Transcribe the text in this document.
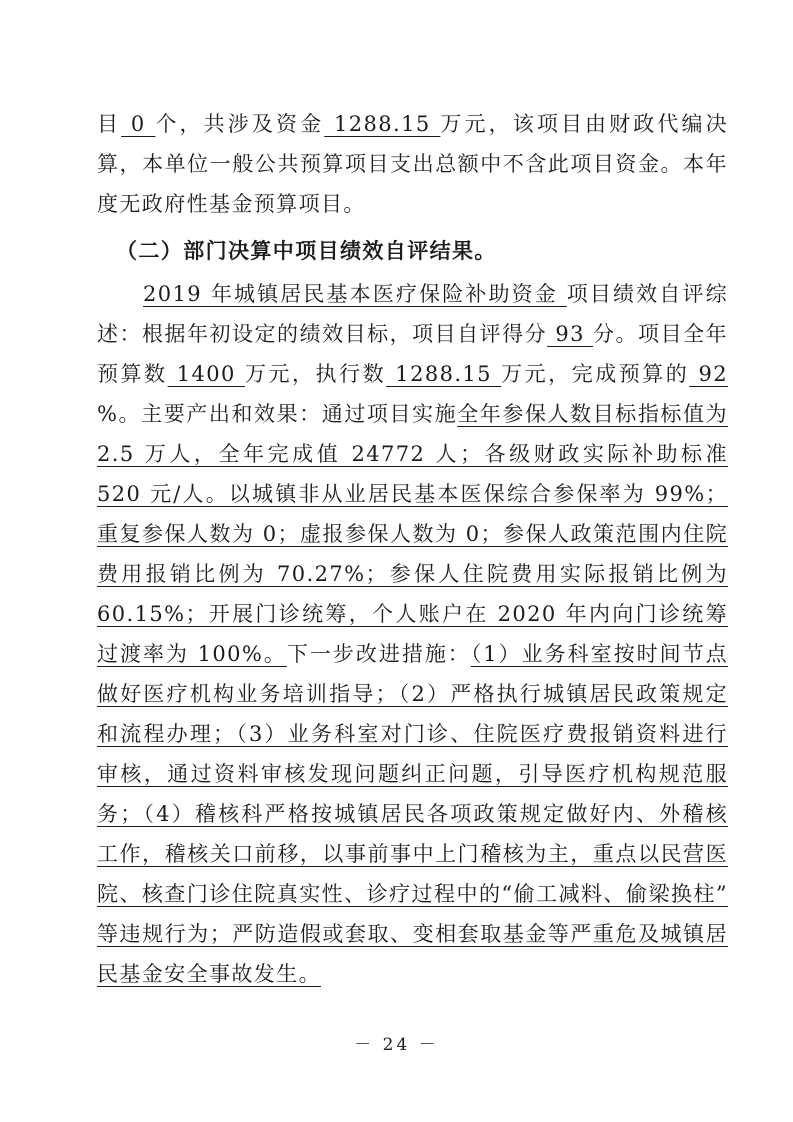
目 0 个，共涉及资金 1288.15 万元，该项目由财政代编决算，本单位一般公共预算项目支出总额中不含此项目资金。本年度无政府性基金预算项目。

（二）部门决算中项目绩效自评结果。

2019 年城镇居民基本医疗保险补助资金 项目绩效自评综述：根据年初设定的绩效目标，项目自评得分 93 分。项目全年预算数 1400 万元，执行数 1288.15 万元，完成预算的 92 %。主要产出和效果：通过项目实施全年参保人数目标指标值为 2.5 万人，全年完成值 24772 人；各级财政实际补助标准 520 元/人。以城镇非从业居民基本医保综合参保率为 99%；重复参保人数为 0；虚报参保人数为 0；参保人政策范围内住院费用报销比例为 70.27%；参保人住院费用实际报销比例为 60.15%；开展门诊统筹，个人账户在 2020 年内向门诊统筹过渡率为 100%。下一步改进措施：（1）业务科室按时间节点做好医疗机构业务培训指导；（2）严格执行城镇居民政策规定和流程办理；（3）业务科室对门诊、住院医疗费报销资料进行审核，通过资料审核发现问题纠正问题，引导医疗机构规范服务；（4）稽核科严格按城镇居民各项政策规定做好内、外稽核工作，稽核关口前移，以事前事中上门稽核为主，重点以民营医院、核查门诊住院真实性、诊疗过程中的“偷工减料、偷梁换柱”等违规行为；严防造假或套取、变相套取基金等严重危及城镇居民基金安全事故发生。

－ 24 －
